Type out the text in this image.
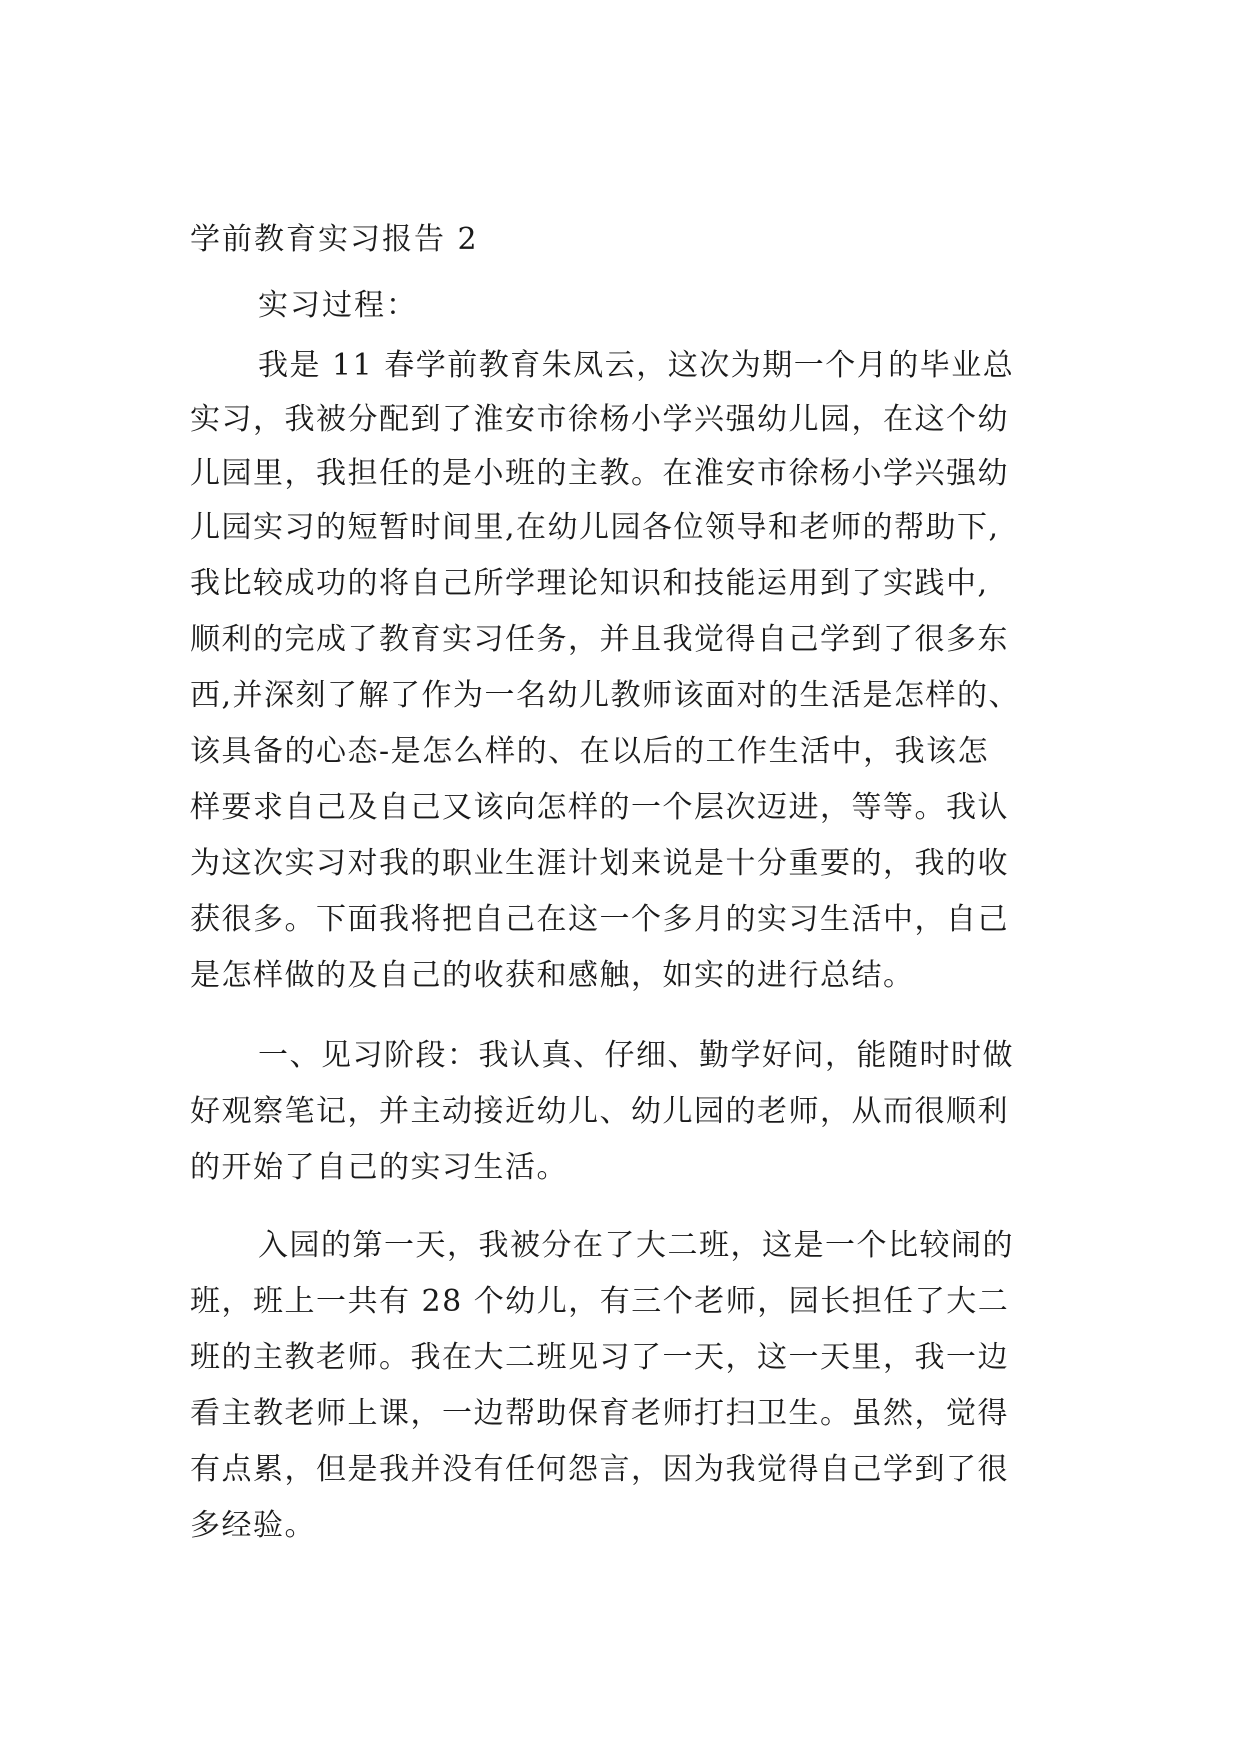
学前教育实习报告 2
实习过程：
我是 11 春学前教育朱凤云，这次为期一个月的毕业总
实习，我被分配到了淮安市徐杨小学兴强幼儿园，在这个幼
儿园里，我担任的是小班的主教。在淮安市徐杨小学兴强幼
儿园实习的短暂时间里,在幼儿园各位领导和老师的帮助下,
我比较成功的将自己所学理论知识和技能运用到了实践中,
顺利的完成了教育实习任务，并且我觉得自己学到了很多东
西,并深刻了解了作为一名幼儿教师该面对的生活是怎样的、
该具备的心态-是怎么样的、在以后的工作生活中，我该怎
样要求自己及自己又该向怎样的一个层次迈进，等等。我认
为这次实习对我的职业生涯计划来说是十分重要的，我的收
获很多。下面我将把自己在这一个多月的实习生活中，自己
是怎样做的及自己的收获和感触，如实的进行总结。
一、见习阶段：我认真、仔细、勤学好问，能随时时做
好观察笔记，并主动接近幼儿、幼儿园的老师，从而很顺利
的开始了自己的实习生活。
入园的第一天，我被分在了大二班，这是一个比较闹的
班，班上一共有 28 个幼儿，有三个老师，园长担任了大二
班的主教老师。我在大二班见习了一天，这一天里，我一边
看主教老师上课，一边帮助保育老师打扫卫生。虽然，觉得
有点累，但是我并没有任何怨言，因为我觉得自己学到了很
多经验。
